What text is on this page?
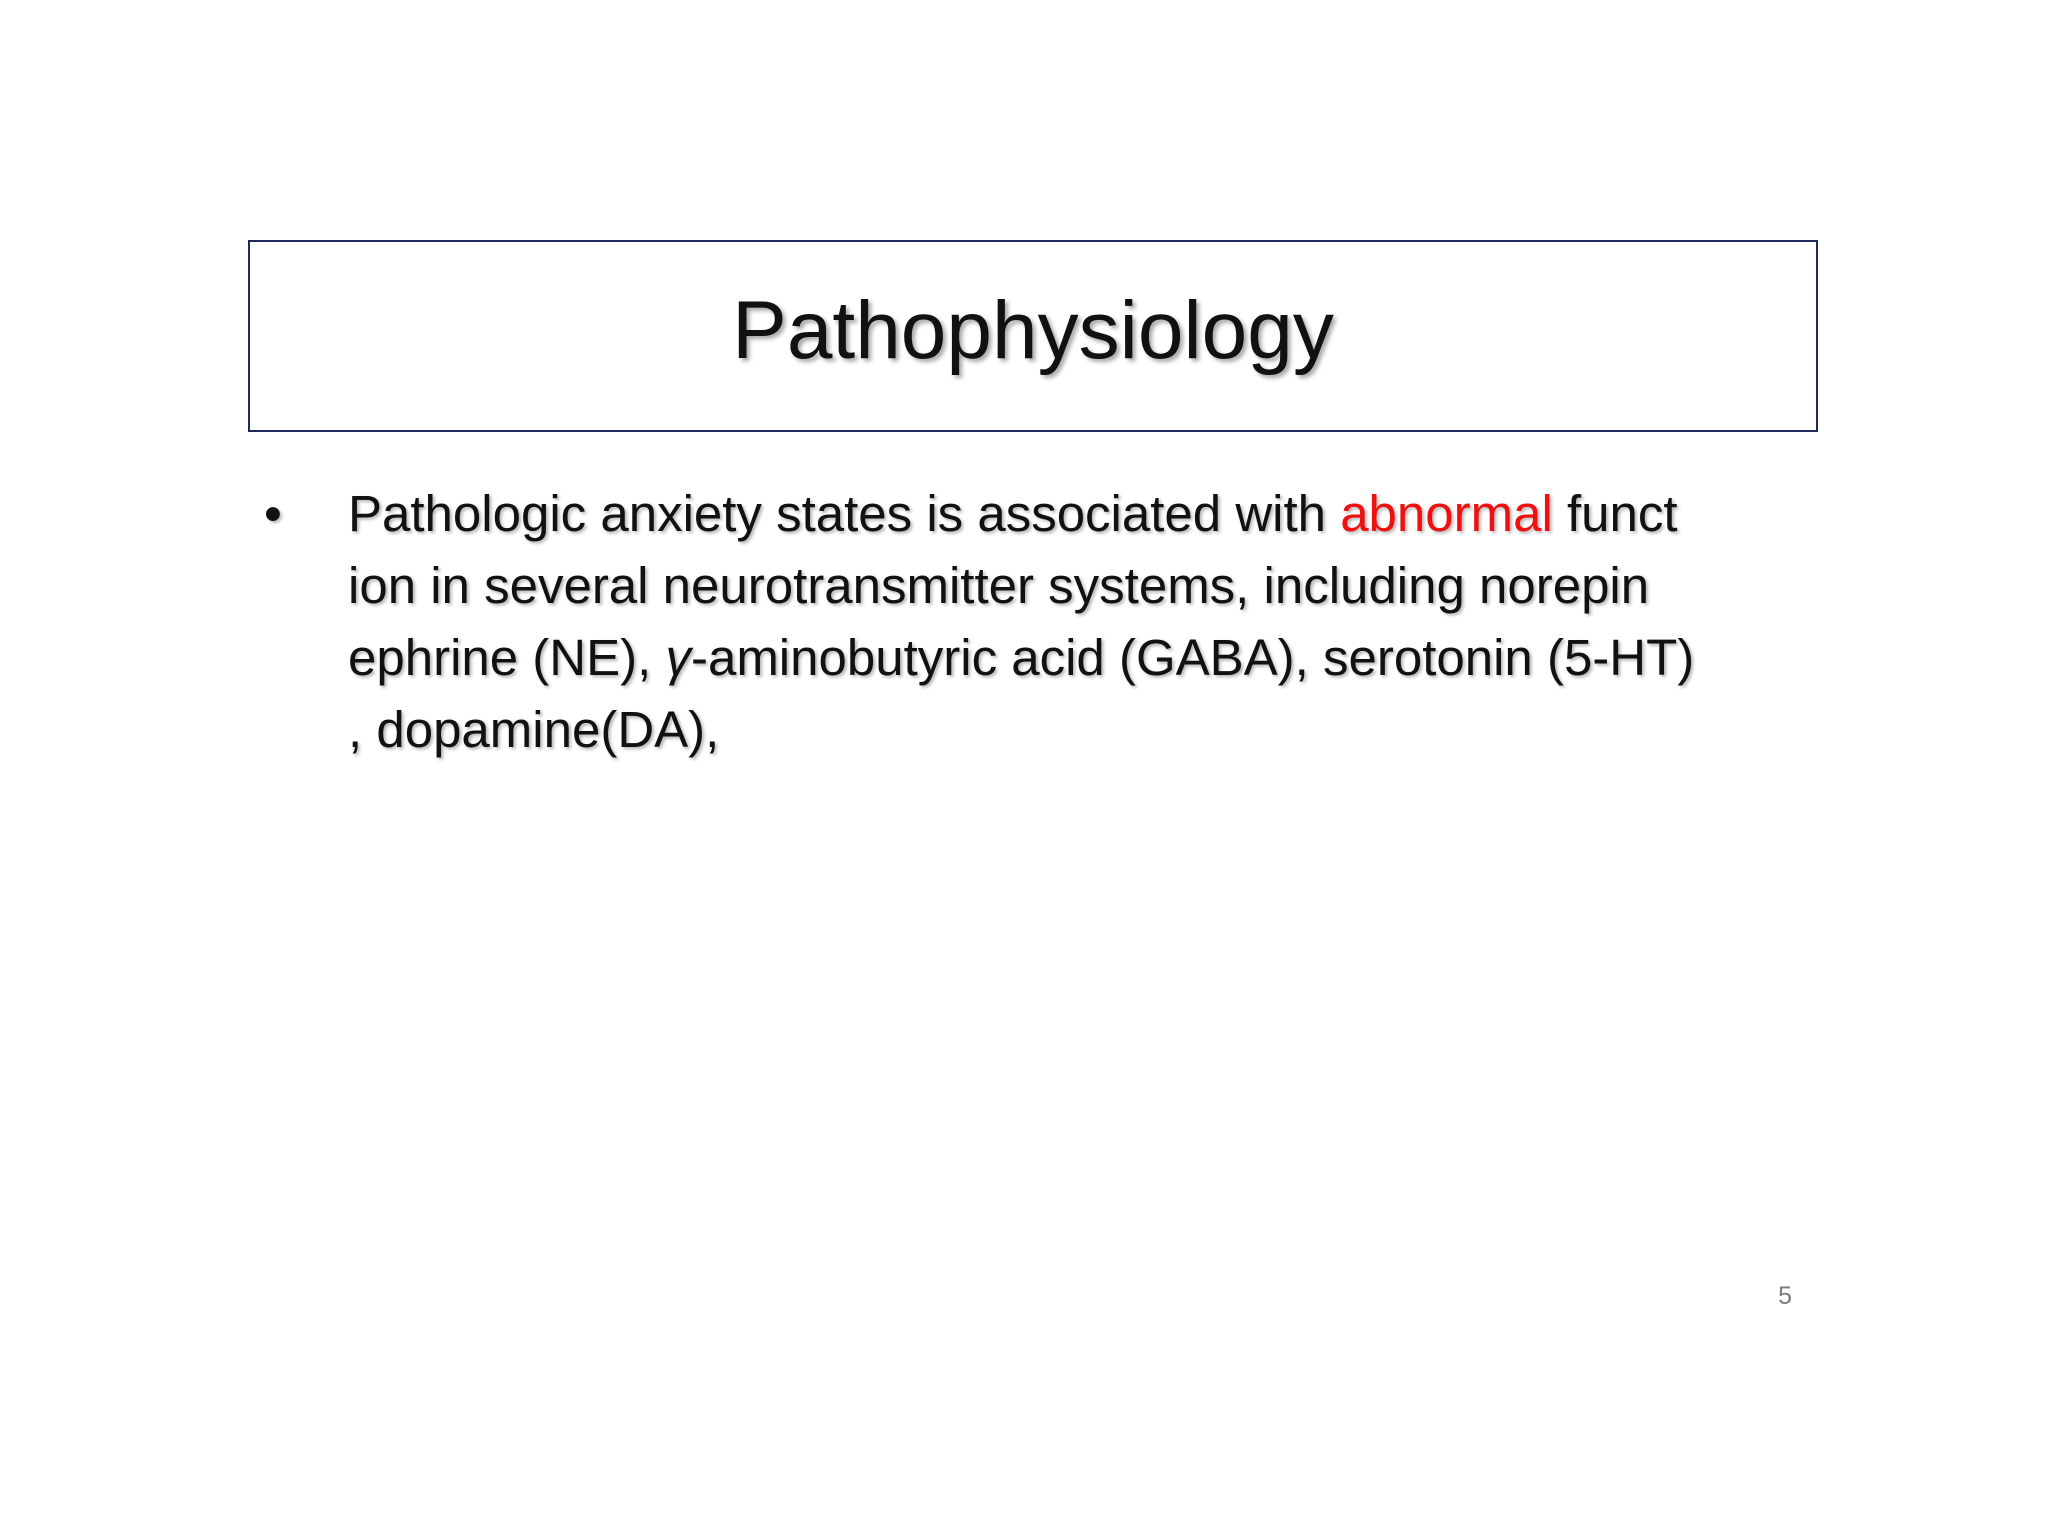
Pathophysiology
• Pathologic anxiety states is associated with abnormal funct
ion in several neurotransmitter systems, including norepin
ephrine (NE), γ-aminobutyric acid (GABA), serotonin (5-HT)
, dopamine(DA),
5
